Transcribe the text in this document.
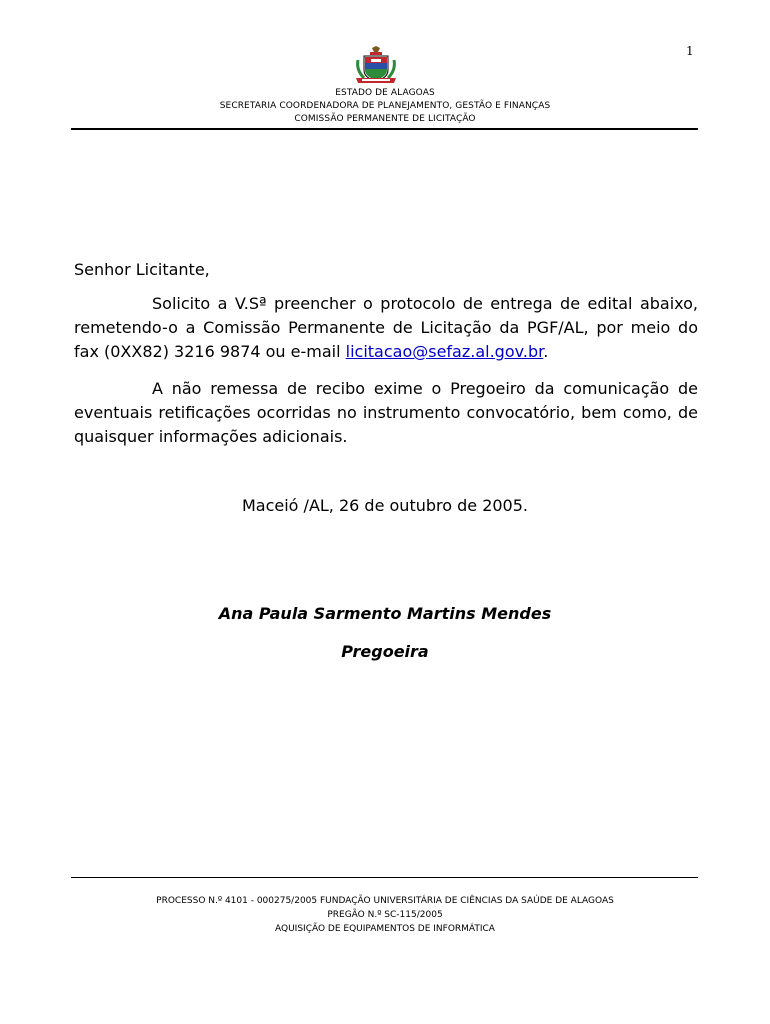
1
ESTADO DE ALAGOAS
SECRETARIA COORDENADORA DE PLANEJAMENTO, GESTÃO E FINANÇAS
COMISSÃO PERMANENTE DE LICITAÇÃO
Senhor Licitante,

Solicito a V.Sª preencher o protocolo de entrega de edital abaixo, remetendo-o a Comissão Permanente de Licitação da PGF/AL, por meio do fax (0XX82) 3216 9874 ou e-mail licitacao@sefaz.al.gov.br.

A não remessa de recibo exime o Pregoeiro da comunicação de eventuais retificações ocorridas no instrumento convocatório, bem como, de quaisquer informações adicionais.

Maceió /AL, 26 de outubro de 2005.
Ana Paula Sarmento Martins Mendes
Pregoeira
PROCESSO N.º 4101 - 000275/2005 FUNDAÇÃO UNIVERSITÁRIA DE CIÊNCIAS DA SAÚDE DE ALAGOAS
PREGÃO N.º SC-115/2005
AQUISIÇÃO DE EQUIPAMENTOS DE INFORMÁTICA
